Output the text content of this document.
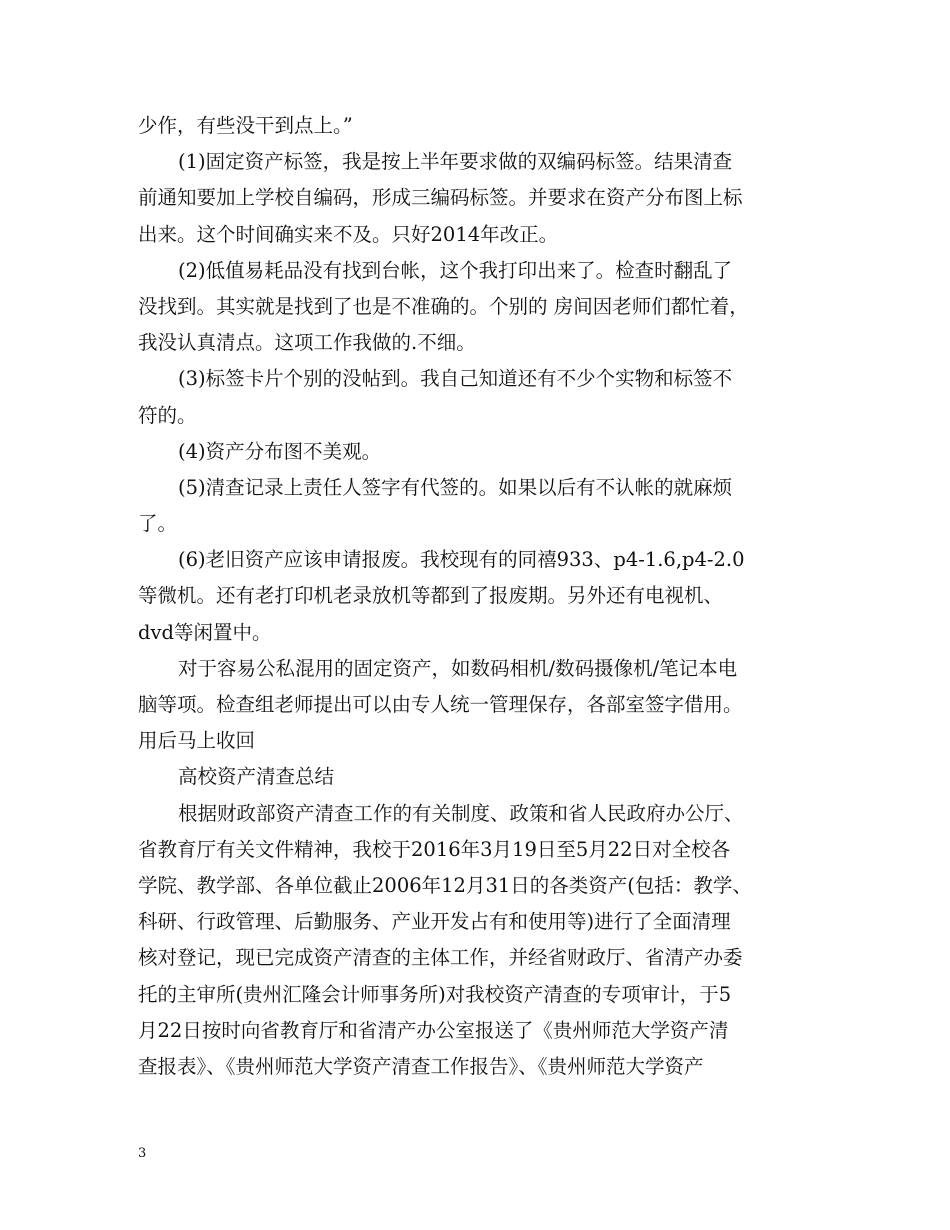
少作，有些没干到点上。”
(1)固定资产标签，我是按上半年要求做的双编码标签。结果清查
前通知要加上学校自编码，形成三编码标签。并要求在资产分布图上标
出来。这个时间确实来不及。只好2014年改正。
(2)低值易耗品没有找到台帐，这个我打印出来了。检查时翻乱了
没找到。其实就是找到了也是不准确的。个别的 房间因老师们都忙着，
我没认真清点。这项工作我做的.不细。
(3)标签卡片个别的没帖到。我自己知道还有不少个实物和标签不
符的。
(4)资产分布图不美观。
(5)清查记录上责任人签字有代签的。如果以后有不认帐的就麻烦
了。
(6)老旧资产应该申请报废。我校现有的同禧933、p4-1.6,p4-2.0
等微机。还有老打印机老录放机等都到了报废期。另外还有电视机、
dvd等闲置中。
对于容易公私混用的固定资产，如数码相机/数码摄像机/笔记本电
脑等项。检查组老师提出可以由专人统一管理保存，各部室签字借用。
用后马上收回
高校资产清查总结
根据财政部资产清查工作的有关制度、政策和省人民政府办公厅、
省教育厅有关文件精神，我校于2016年3月19日至5月22日对全校各
学院、教学部、各单位截止2006年12月31日的各类资产(包括：教学、
科研、行政管理、后勤服务、产业开发占有和使用等)进行了全面清理
核对登记，现已完成资产清查的主体工作，并经省财政厅、省清产办委
托的主审所(贵州汇隆会计师事务所)对我校资产清查的专项审计，于5
月22日按时向省教育厅和省清产办公室报送了《贵州师范大学资产清
查报表》、《贵州师范大学资产清查工作报告》、《贵州师范大学资产
3
